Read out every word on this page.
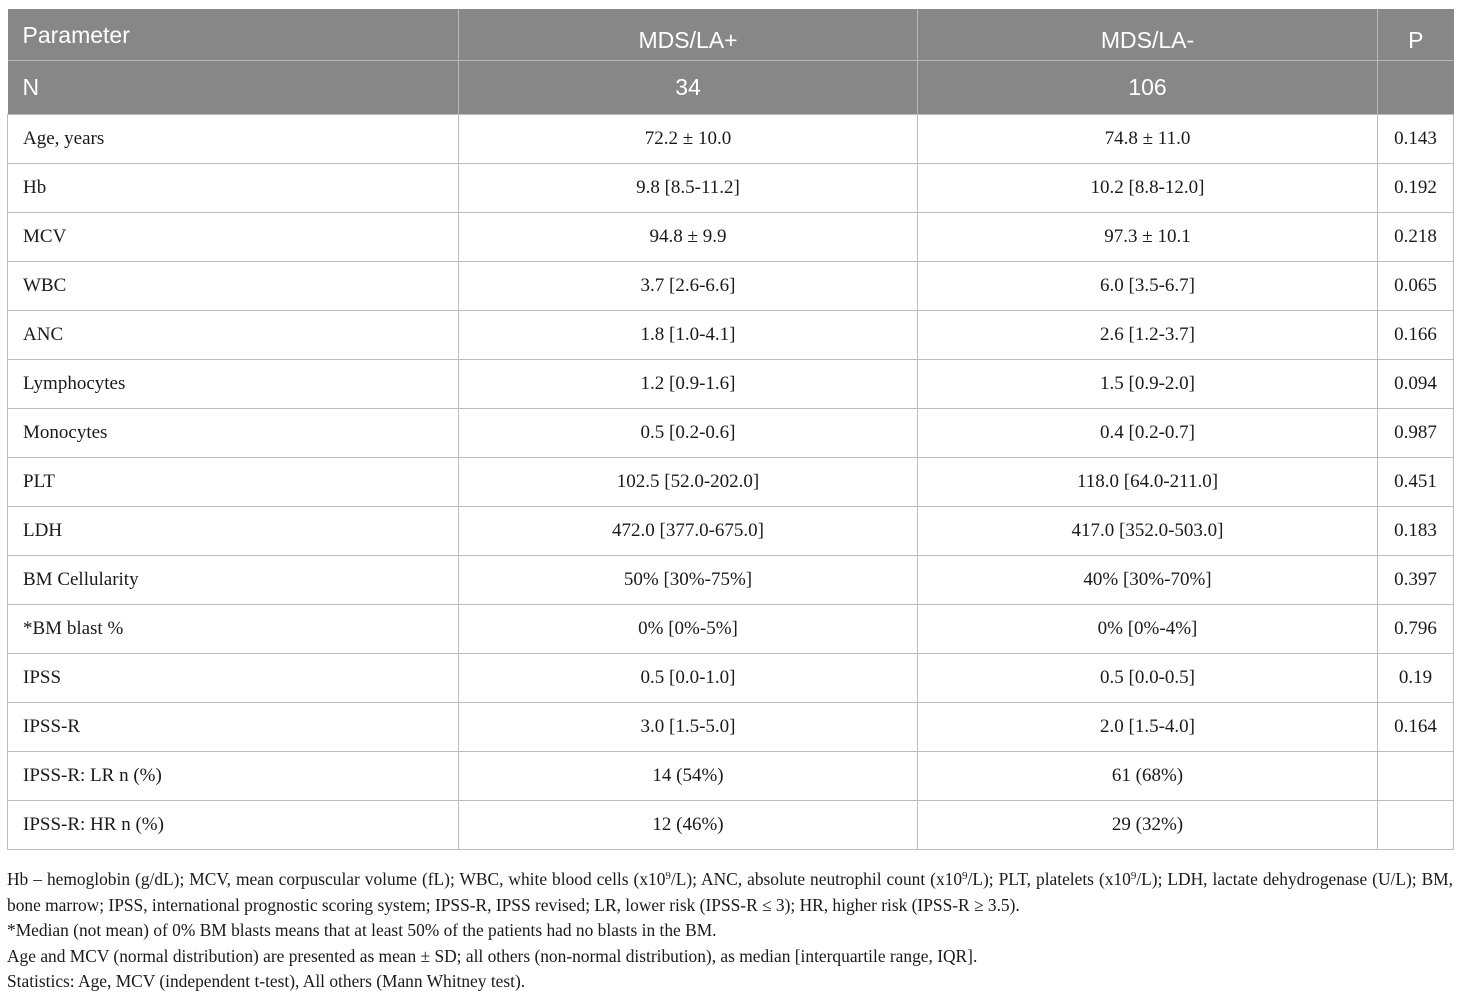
Parameter	MDS/LA+	MDS/LA-	P
N	34	106	
Age, years	72.2 ± 10.0	74.8 ± 11.0	0.143
Hb	9.8 [8.5-11.2]	10.2 [8.8-12.0]	0.192
MCV	94.8 ± 9.9	97.3 ± 10.1	0.218
WBC	3.7 [2.6-6.6]	6.0 [3.5-6.7]	0.065
ANC	1.8 [1.0-4.1]	2.6 [1.2-3.7]	0.166
Lymphocytes	1.2 [0.9-1.6]	1.5 [0.9-2.0]	0.094
Monocytes	0.5 [0.2-0.6]	0.4 [0.2-0.7]	0.987
PLT	102.5 [52.0-202.0]	118.0 [64.0-211.0]	0.451
LDH	472.0 [377.0-675.0]	417.0 [352.0-503.0]	0.183
BM Cellularity	50% [30%-75%]	40% [30%-70%]	0.397
*BM blast %	0% [0%-5%]	0% [0%-4%]	0.796
IPSS	0.5 [0.0-1.0]	0.5 [0.0-0.5]	0.19
IPSS-R	3.0 [1.5-5.0]	2.0 [1.5-4.0]	0.164
IPSS-R: LR n (%)	14 (54%)	61 (68%)	
IPSS-R: HR n (%)	12 (46%)	29 (32%)	

Hb – hemoglobin (g/dL); MCV, mean corpuscular volume (fL); WBC, white blood cells $(x10^9/L)$; ANC, absolute neutrophil count $(x10^9/L)$; PLT, platelets $(x10^9/L)$; LDH, lactate dehydrogenase (U/L); BM, bone marrow; IPSS, international prognostic scoring system; IPSS-R, IPSS revised; LR, lower risk (IPSS-R ≤ 3); HR, higher risk (IPSS-R ≥ 3.5).

*Median (not mean) of 0% BM blasts means that at least 50% of the patients had no blasts in the BM.

Age and MCV (normal distribution) are presented as mean ± SD; all others (non-normal distribution), as median [interquartile range, IQR].

Statistics: Age, MCV (independent t-test), All others (Mann Whitney test).
